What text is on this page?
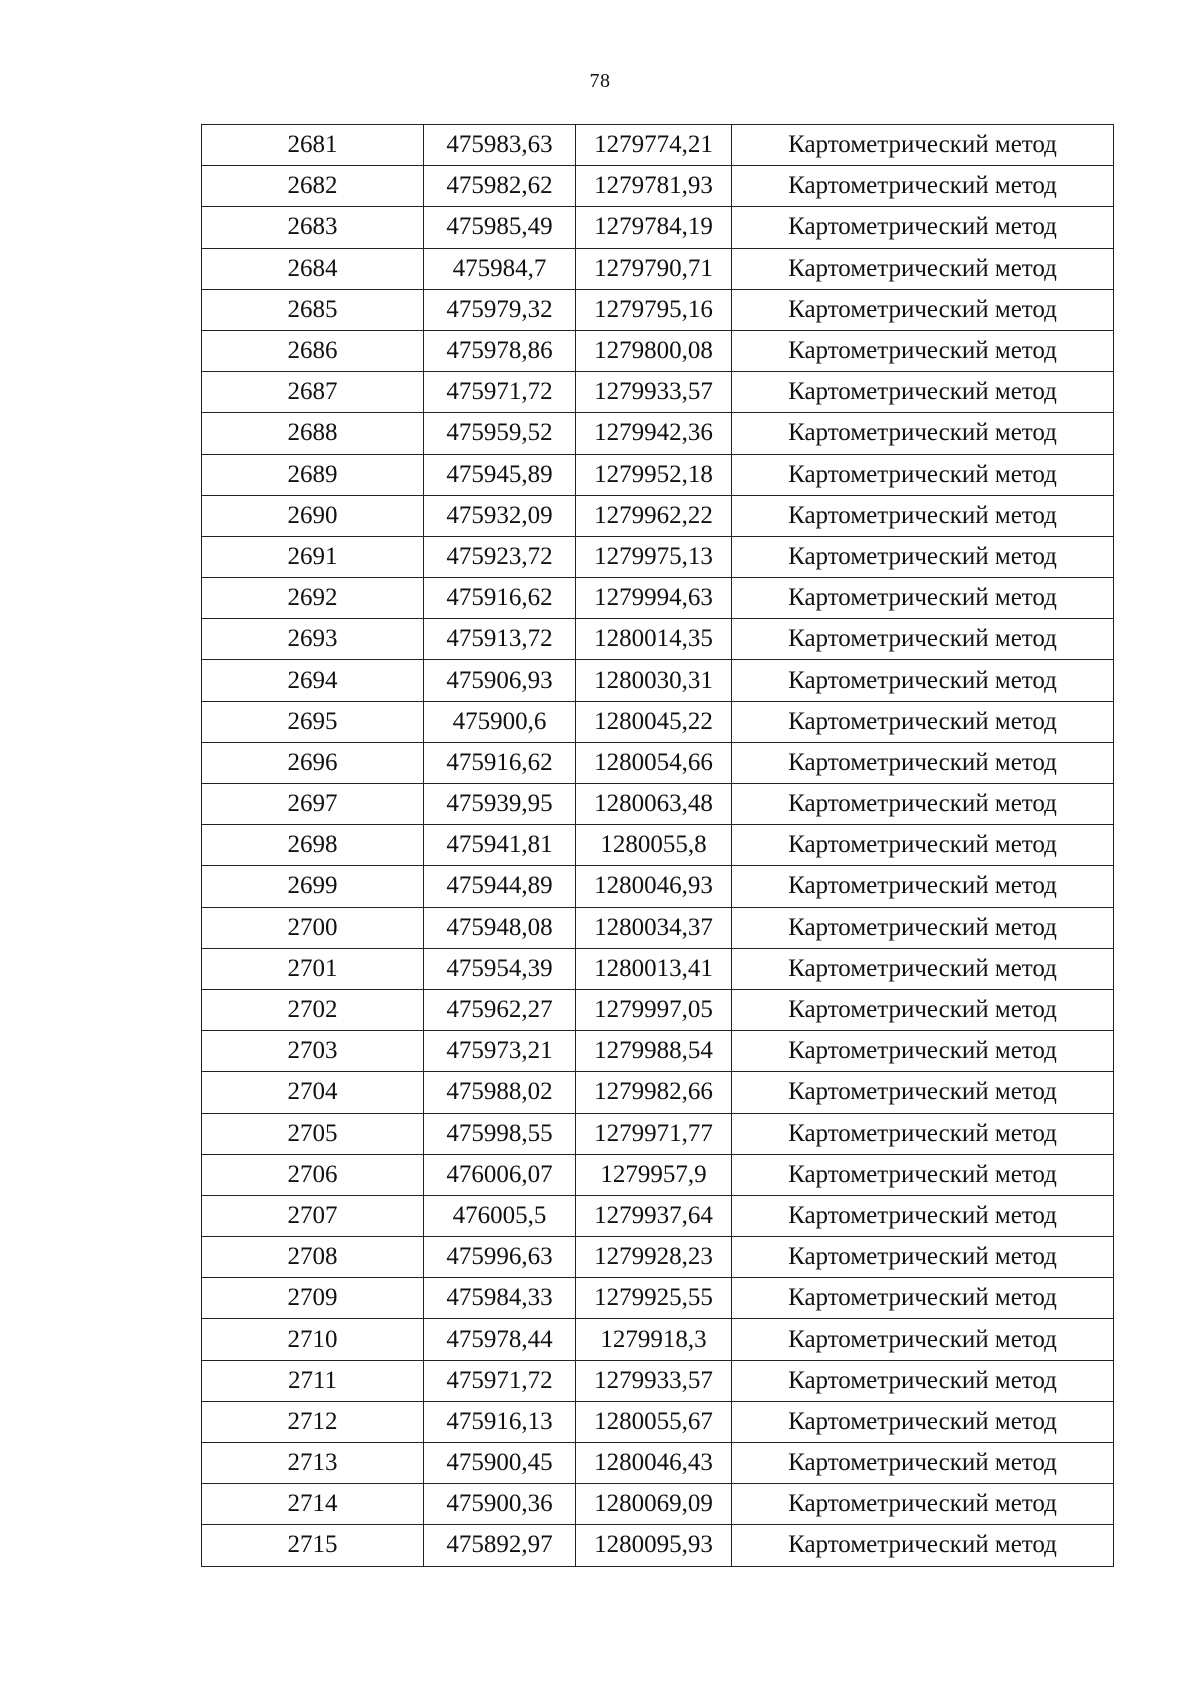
78
2681	475983,63	1279774,21	Картометрический метод
2682	475982,62	1279781,93	Картометрический метод
2683	475985,49	1279784,19	Картометрический метод
2684	475984,7	1279790,71	Картометрический метод
2685	475979,32	1279795,16	Картометрический метод
2686	475978,86	1279800,08	Картометрический метод
2687	475971,72	1279933,57	Картометрический метод
2688	475959,52	1279942,36	Картометрический метод
2689	475945,89	1279952,18	Картометрический метод
2690	475932,09	1279962,22	Картометрический метод
2691	475923,72	1279975,13	Картометрический метод
2692	475916,62	1279994,63	Картометрический метод
2693	475913,72	1280014,35	Картометрический метод
2694	475906,93	1280030,31	Картометрический метод
2695	475900,6	1280045,22	Картометрический метод
2696	475916,62	1280054,66	Картометрический метод
2697	475939,95	1280063,48	Картометрический метод
2698	475941,81	1280055,8	Картометрический метод
2699	475944,89	1280046,93	Картометрический метод
2700	475948,08	1280034,37	Картометрический метод
2701	475954,39	1280013,41	Картометрический метод
2702	475962,27	1279997,05	Картометрический метод
2703	475973,21	1279988,54	Картометрический метод
2704	475988,02	1279982,66	Картометрический метод
2705	475998,55	1279971,77	Картометрический метод
2706	476006,07	1279957,9	Картометрический метод
2707	476005,5	1279937,64	Картометрический метод
2708	475996,63	1279928,23	Картометрический метод
2709	475984,33	1279925,55	Картометрический метод
2710	475978,44	1279918,3	Картометрический метод
2711	475971,72	1279933,57	Картометрический метод
2712	475916,13	1280055,67	Картометрический метод
2713	475900,45	1280046,43	Картометрический метод
2714	475900,36	1280069,09	Картометрический метод
2715	475892,97	1280095,93	Картометрический метод
